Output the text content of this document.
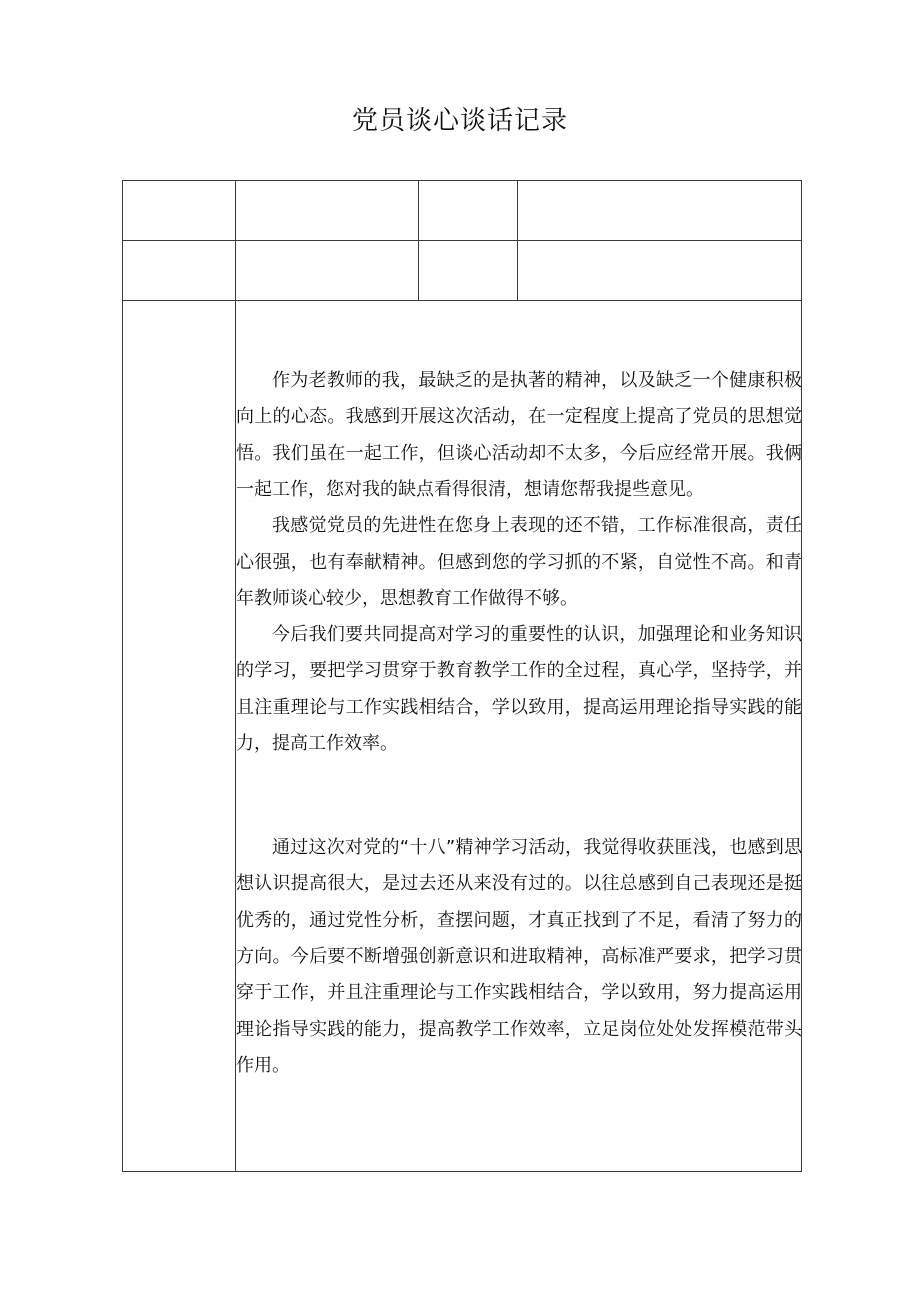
党员谈心谈话记录

	作为老教师的我，最缺乏的是执著的精神，以及缺乏一个健康积极向上的心态。我感到开展这次活动，在一定程度上提高了党员的思想觉悟。我们虽在一起工作，但谈心活动却不太多，今后应经常开展。我俩一起工作，您对我的缺点看得很清，想请您帮我提些意见。

我感觉党员的先进性在您身上表现的还不错，工作标准很高，责任心很强，也有奉献精神。但感到您的学习抓的不紧，自觉性不高。和青年教师谈心较少，思想教育工作做得不够。

今后我们要共同提高对学习的重要性的认识，加强理论和业务知识的学习，要把学习贯穿于教育教学工作的全过程，真心学，坚持学，并且注重理论与工作实践相结合，学以致用，提高运用理论指导实践的能力，提高工作效率。

通过这次对党的“十八”精神学习活动，我觉得收获匪浅，也感到思想认识提高很大，是过去还从来没有过的。以往总感到自己表现还是挺优秀的，通过党性分析，查摆问题，才真正找到了不足，看清了努力的方向。今后要不断增强创新意识和进取精神，高标准严要求，把学习贯穿于工作，并且注重理论与工作实践相结合，学以致用，努力提高运用理论指导实践的能力，提高教学工作效率，立足岗位处处发挥模范带头作用。		
